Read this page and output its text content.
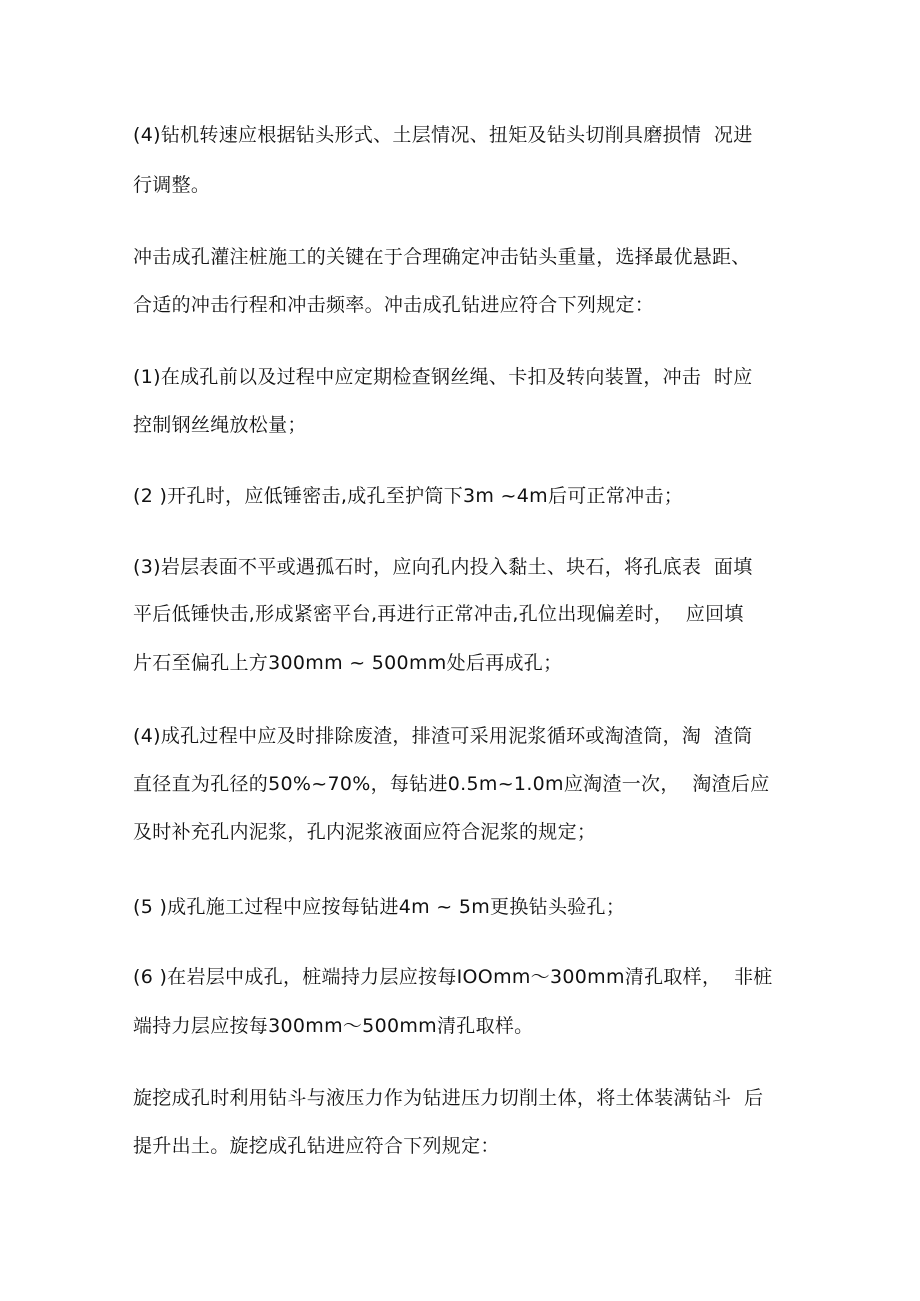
(4)钻机转速应根据钻头形式、土层情况、扭矩及钻头切削具磨损情  况进
行调整。
冲击成孔灌注桩施工的关键在于合理确定冲击钻头重量，选择最优悬距、
合适的冲击行程和冲击频率。冲击成孔钻进应符合下列规定：
(1)在成孔前以及过程中应定期检查钢丝绳、卡扣及转向装置，冲击  时应
控制钢丝绳放松量；
(2 )开孔时，应低锤密击,成孔至护筒下3m ~4m后可正常冲击；
(3)岩层表面不平或遇孤石时，应向孔内投入黏土、块石，将孔底表  面填
平后低锤快击,形成紧密平台,再进行正常冲击,孔位出现偏差时，  应回填
片石至偏孔上方300mm ~ 500mm处后再成孔；
(4)成孔过程中应及时排除废渣，排渣可采用泥浆循环或淘渣筒，淘  渣筒
直径直为孔径的50%~70%，每钻进0.5m~1.0m应淘渣一次，  淘渣后应
及时补充孔内泥浆，孔内泥浆液面应符合泥浆的规定；
(5 )成孔施工过程中应按每钻进4m ~ 5m更换钻头验孔；
(6 )在岩层中成孔，桩端持力层应按每IOOmm～300mm清孔取样，  非桩
端持力层应按每300mm～500mm清孔取样。
旋挖成孔时利用钻斗与液压力作为钻进压力切削土体，将土体装满钻斗  后
提升出土。旋挖成孔钻进应符合下列规定：
